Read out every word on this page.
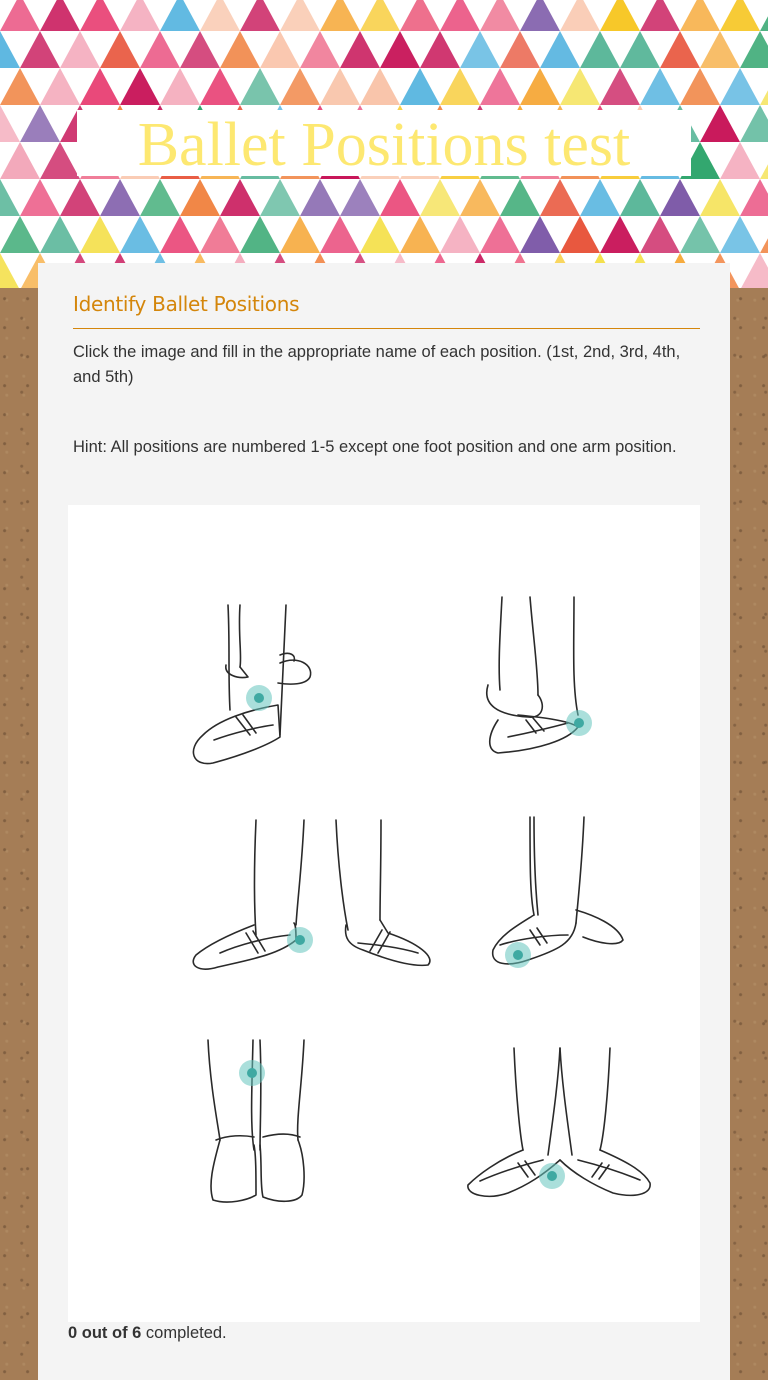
Ballet Positions test
Identify Ballet Positions

Click the image and fill in the appropriate name of each position. (1st, 2nd, 3rd, 4th, and 5th)

Hint: All positions are numbered 1-5 except one foot position and one arm position.

0 out of 6 completed.
